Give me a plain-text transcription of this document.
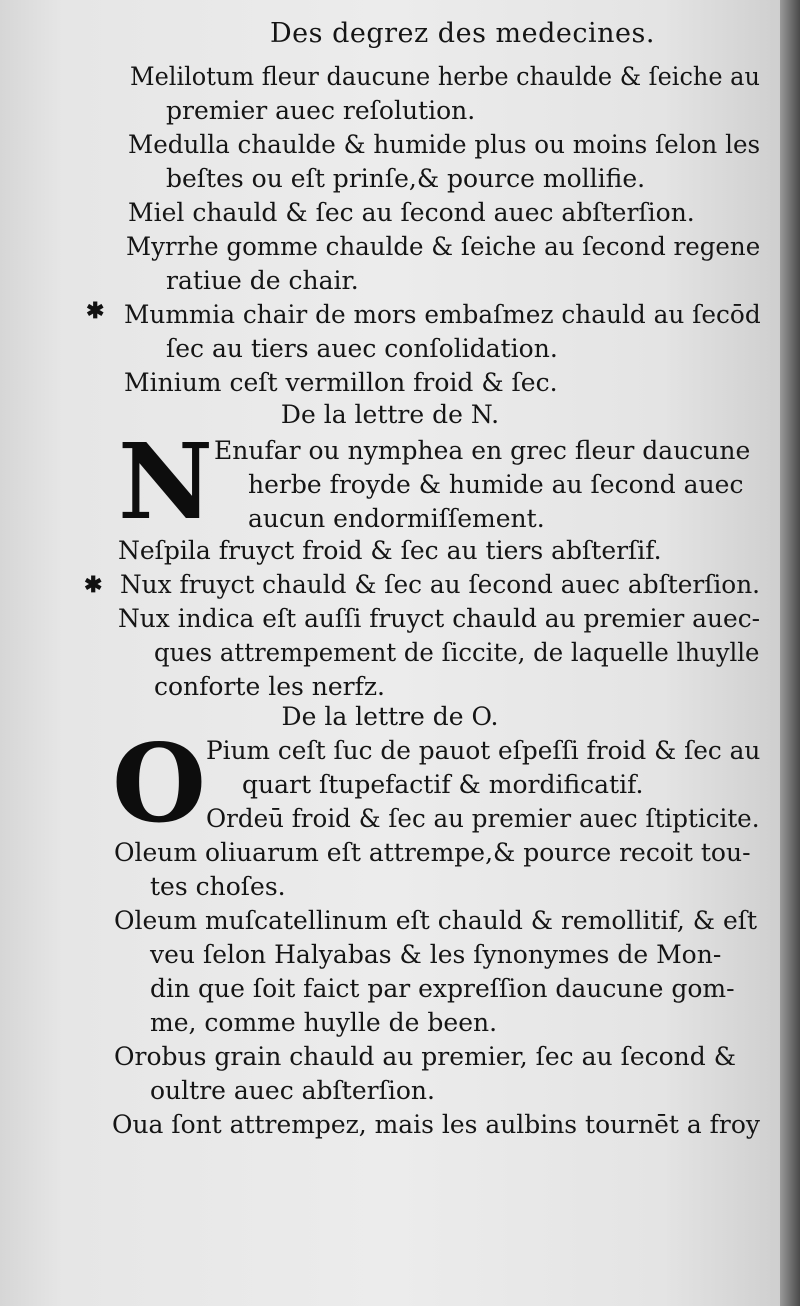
Des degrez des medecines.
Melilotum fleur daucune herbe chaulde & ſeiche au
premier auec reſolution.
Medulla chaulde & humide plus ou moins ſelon les
beſtes ou eſt prinſe,& pource mollifie.
Miel chauld & ſec au ſecond auec abſterſion.
Myrrhe gomme chaulde & ſeiche au ſecond regene
ratiue de chair.
✱ Mummia chair de mors embaſmez chauld au ſecōd
ſec au tiers auec conſolidation.
Minium ceſt vermillon froid & ſec.
De la lettre de N.
N Enufar ou nymphea en grec fleur daucune
herbe froyde & humide au ſecond auec
aucun endormiſſement.
Neſpila fruyct froid & ſec au tiers abſterſif.
✱ Nux fruyct chauld & ſec au ſecond auec abſterſion.
Nux indica eſt auſſi fruyct chauld au premier auec-
ques attrempement de ſiccite, de laquelle lhuylle
conforte les nerfz.
De la lettre de O.
O Pium ceſt ſuc de pauot eſpeſſi froid & ſec au
quart ſtupefactif & mordificatif.
Ordeū froid & ſec au premier auec ſtipticite.
Oleum oliuarum eſt attrempe,& pource recoit tou-
tes choſes.
Oleum muſcatellinum eſt chauld & remollitif, & eſt
veu ſelon Halyabas & les ſynonymes de Mon-
din que ſoit faict par expreſſion daucune gom-
me, comme huylle de been.
Orobus grain chauld au premier, ſec au ſecond &
oultre auec abſterſion.
Oua ſont attrempez, mais les aulbins tournēt a froy
